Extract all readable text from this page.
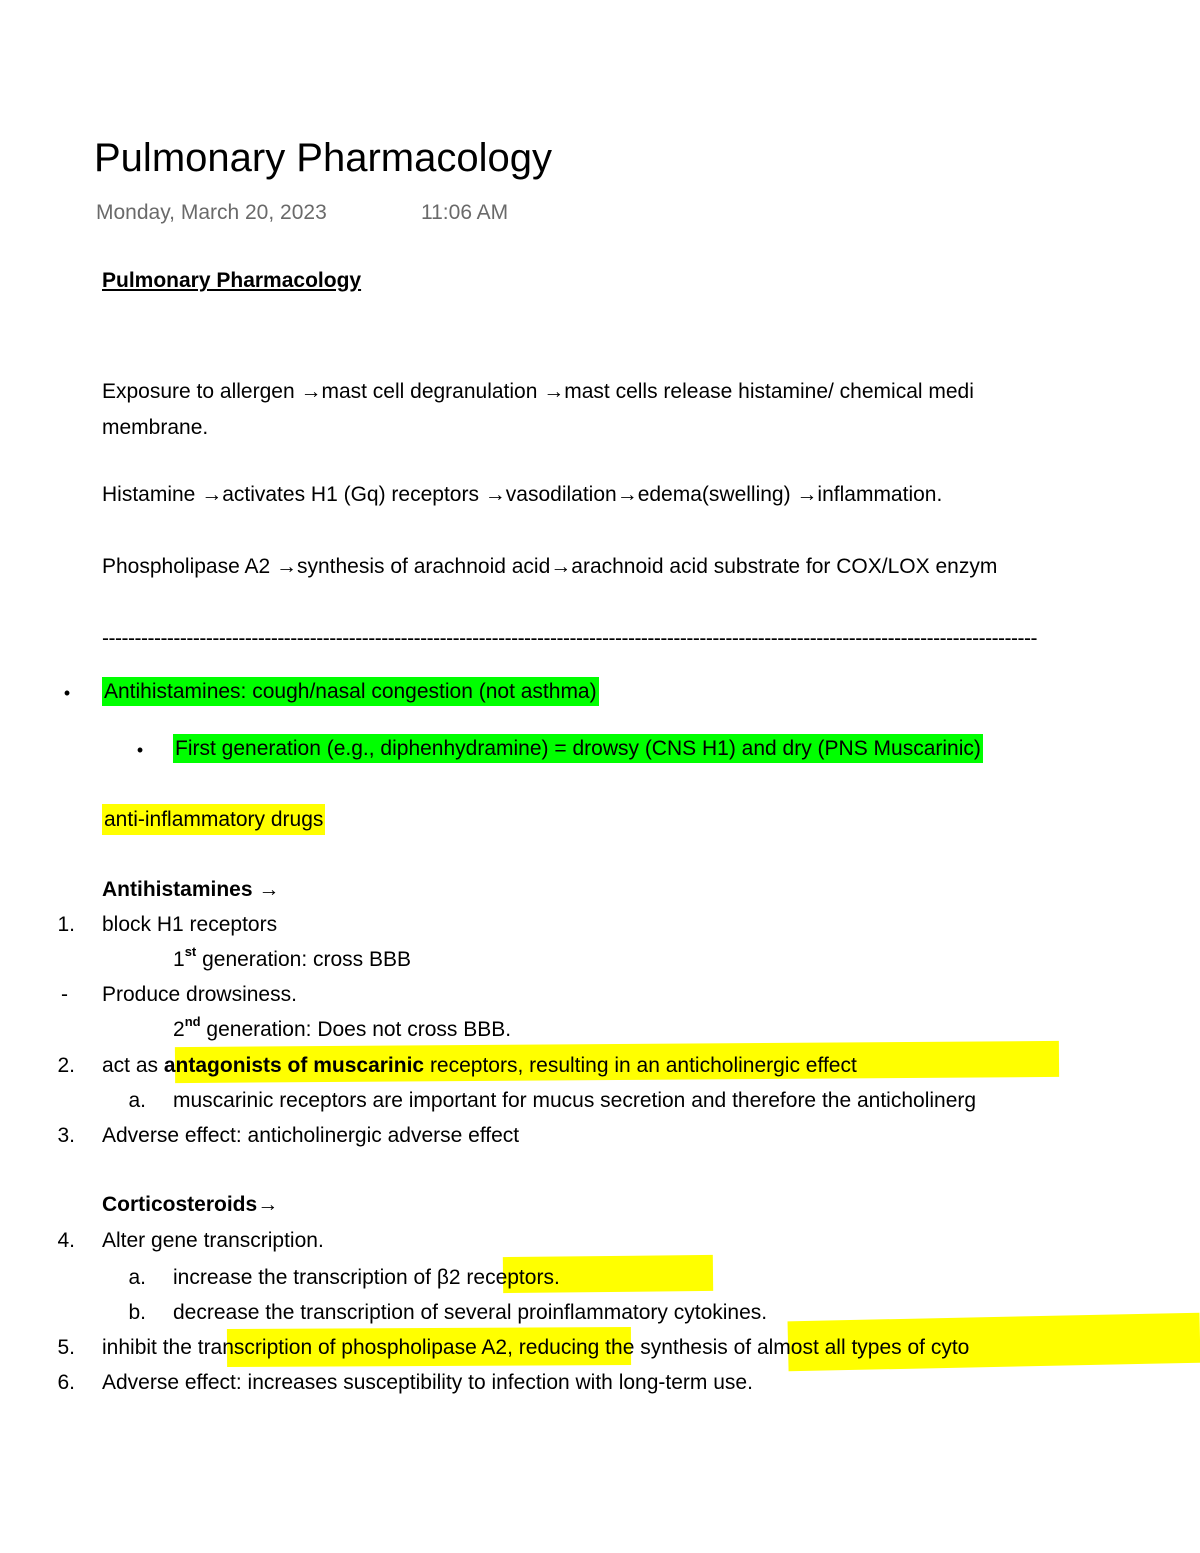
Pulmonary Pharmacology
Monday, March 20, 2023	11:06 AM
Pulmonary Pharmacology
Exposure to allergen →mast cell degranulation →mast cells release histamine/ chemical medi
membrane.
Histamine →activates H1 (Gq) receptors →vasodilation→edema(swelling) →inflammation.
Phospholipase A2 →synthesis of arachnoid acid→arachnoid acid substrate for COX/LOX enzym
------------------------------------------------------------------------------------------------------------------------------------------------
• Antihistamines: cough/nasal congestion (not asthma)
• First generation (e.g., diphenhydramine) = drowsy (CNS H1) and dry (PNS Muscarinic)
anti-inflammatory drugs
Antihistamines →
1. block H1 receptors
1st generation: cross BBB
- Produce drowsiness.
2nd generation: Does not cross BBB.
2. act as antagonists of muscarinic receptors, resulting in an anticholinergic effect
a. muscarinic receptors are important for mucus secretion and therefore the anticholinerg
3. Adverse effect: anticholinergic adverse effect
Corticosteroids→
4. Alter gene transcription.
a. increase the transcription of β2 receptors.
b. decrease the transcription of several proinflammatory cytokines.
5. inhibit the transcription of phospholipase A2, reducing the synthesis of almost all types of cyto
6. Adverse effect: increases susceptibility to infection with long-term use.
